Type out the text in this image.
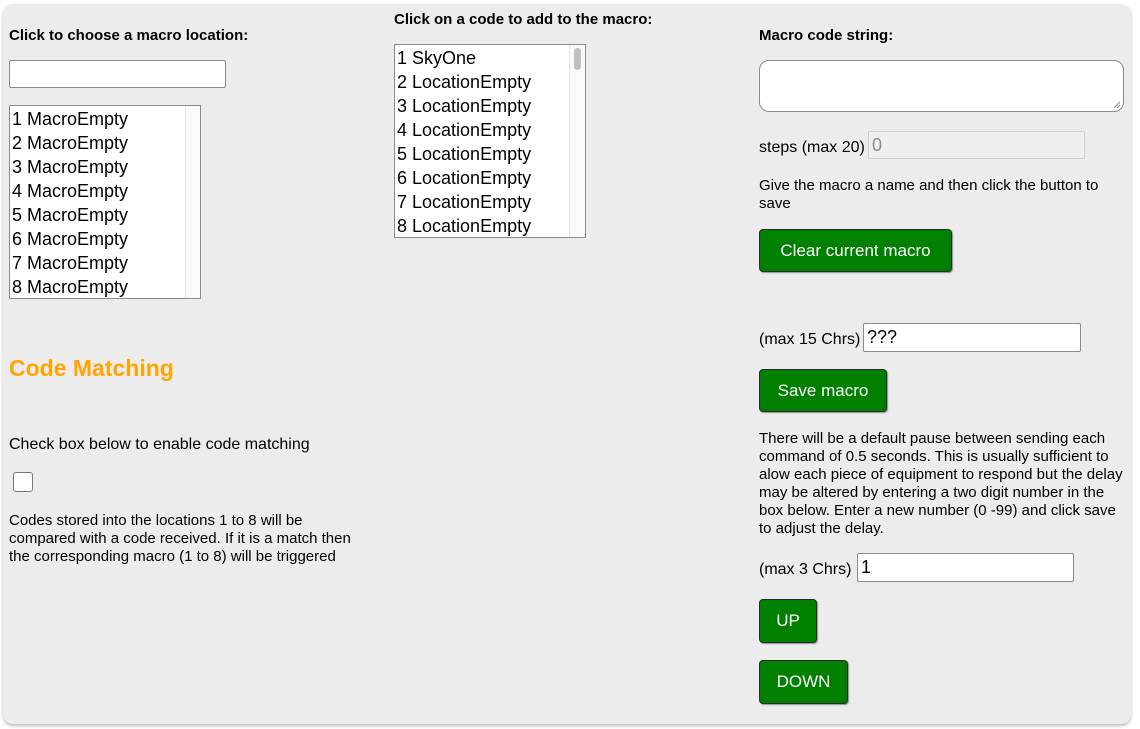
Click to choose a macro location:
1 MacroEmpty
2 MacroEmpty
3 MacroEmpty
4 MacroEmpty
5 MacroEmpty
6 MacroEmpty
7 MacroEmpty
8 MacroEmpty
Code Matching
Check box below to enable code matching
Codes stored into the locations 1 to 8 will be compared with a code received. If it is a match then the corresponding macro (1 to 8) will be triggered
Click on a code to add to the macro:
1 SkyOne
2 LocationEmpty
3 LocationEmpty
4 LocationEmpty
5 LocationEmpty
6 LocationEmpty
7 LocationEmpty
8 LocationEmpty
Macro code string:
steps (max 20)
0
Give the macro a name and then click the button to save
Clear current macro
(max 15 Chrs)
???
Save macro
There will be a default pause between sending each command of 0.5 seconds. This is usually sufficient to alow each piece of equipment to respond but the delay may be altered by entering a two digit number in the box below. Enter a new number (0 -99) and click save to adjust the delay.
(max 3 Chrs)
1
UP
DOWN
